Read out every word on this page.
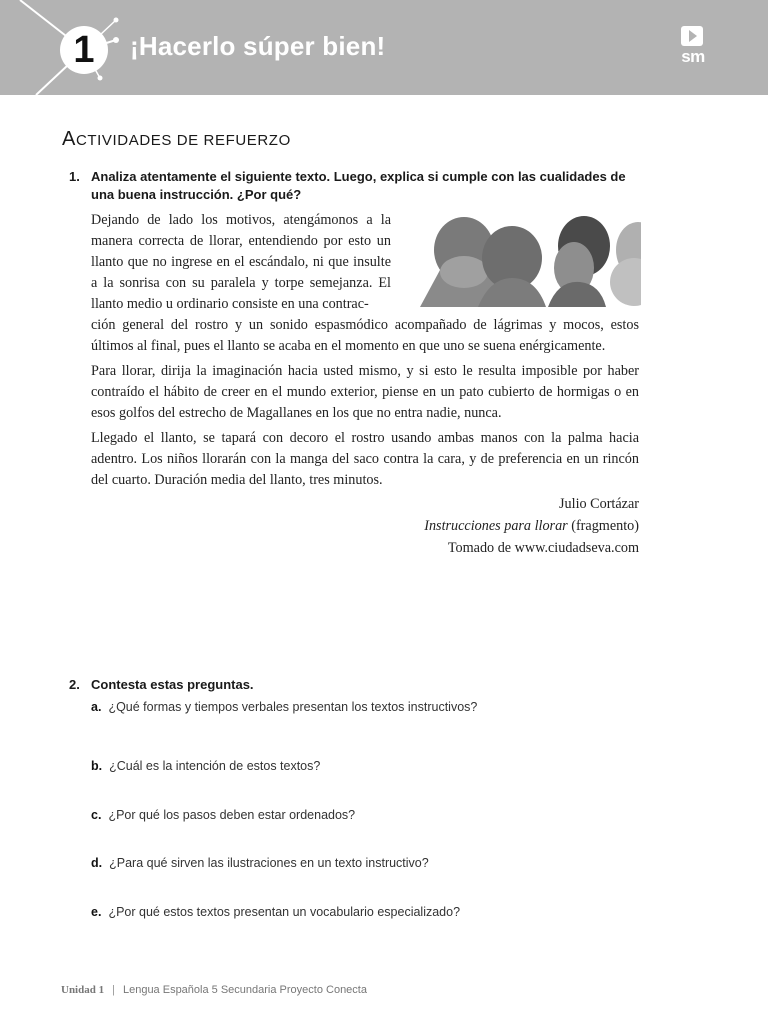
1	¡Hacerlo súper bien!	sm
ACTIVIDADES DE REFUERZO
1. Analiza atentamente el siguiente texto. Luego, explica si cumple con las cualidades de una buena instrucción. ¿Por qué?
Dejando de lado los motivos, atengámonos a la manera correcta de llorar, entendiendo por esto un llanto que no ingrese en el escándalo, ni que insulte a la sonrisa con su paralela y torpe semejanza. El llanto medio u ordinario consiste en una contrac-
ción general del rostro y un sonido espasmódico acompañado de lágrimas y mocos, estos últimos al final, pues el llanto se acaba en el momento en que uno se suena enérgicamente.
Para llorar, dirija la imaginación hacia usted mismo, y si esto le resulta imposible por haber contraído el hábito de creer en el mundo exterior, piense en un pato cubierto de hormigas o en esos golfos del estrecho de Magallanes en los que no entra nadie, nunca.
Llegado el llanto, se tapará con decoro el rostro usando ambas manos con la palma hacia adentro. Los niños llorarán con la manga del saco contra la cara, y de preferencia en un rincón del cuarto. Duración media del llanto, tres minutos.
Julio Cortázar
Instrucciones para llorar (fragmento)
Tomado de www.ciudadseva.com
2. Contesta estas preguntas.
a. ¿Qué formas y tiempos verbales presentan los textos instructivos?
b. ¿Cuál es la intención de estos textos?
c. ¿Por qué los pasos deben estar ordenados?
d. ¿Para qué sirven las ilustraciones en un texto instructivo?
e. ¿Por qué estos textos presentan un vocabulario especializado?
Unidad 1 | Lengua Española 5 Secundaria Proyecto Conecta
